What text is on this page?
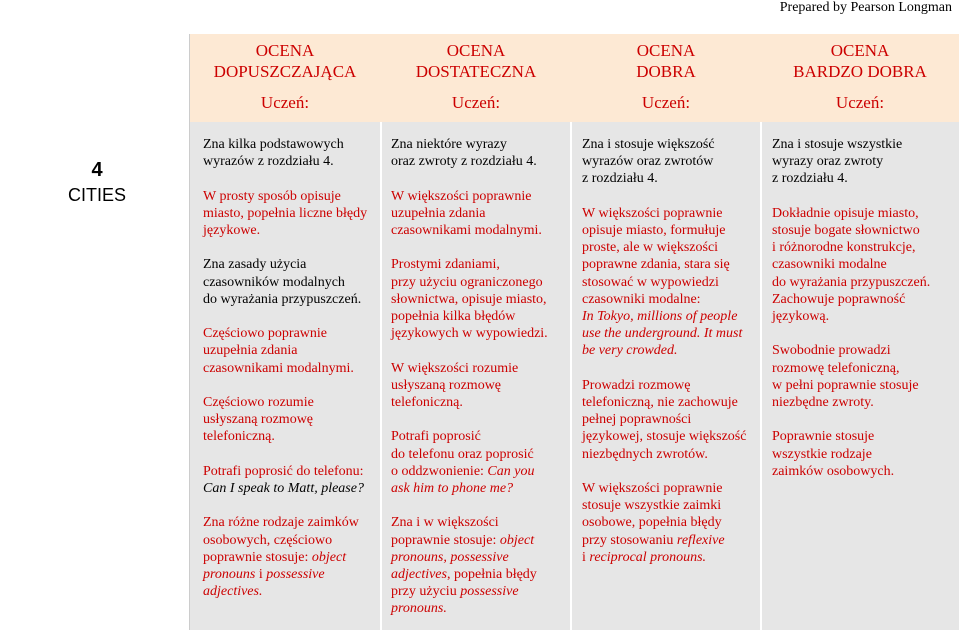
Prepared by Pearson Longman
OCENA
DOPUSZCZAJĄCA
Uczeń:
OCENA
DOSTATECZNA
Uczeń:
OCENA
DOBRA
Uczeń:
OCENA
BARDZO DOBRA
Uczeń:
4
CITIES
Zna kilka podstawowych
wyrazów z rozdziału 4.
W prosty sposób opisuje
miasto, popełnia liczne błędy
językowe.
Zna zasady użycia
czasowników modalnych
do wyrażania przypuszczeń.
Częściowo poprawnie
uzupełnia zdania
czasownikami modalnymi.
Częściowo rozumie
usłyszaną rozmowę
telefoniczną.
Potrafi poprosić do telefonu:
Can I speak to Matt, please?
Zna różne rodzaje zaimków
osobowych, częściowo
poprawnie stosuje: object
pronouns i possessive
adjectives.
Zna niektóre wyrazy
oraz zwroty z rozdziału 4.
W większości poprawnie
uzupełnia zdania
czasownikami modalnymi.
Prostymi zdaniami,
przy użyciu ograniczonego
słownictwa, opisuje miasto,
popełnia kilka błędów
językowych w wypowiedzi.
W większości rozumie
usłyszaną rozmowę
telefoniczną.
Potrafi poprosić
do telefonu oraz poprosić
o oddzwonienie: Can you
ask him to phone me?
Zna i w większości
poprawnie stosuje: object
pronouns, possessive
adjectives, popełnia błędy
przy użyciu possessive
pronouns.
Zna i stosuje większość
wyrazów oraz zwrotów
z rozdziału 4.
W większości poprawnie
opisuje miasto, formułuje
proste, ale w większości
poprawne zdania, stara się
stosować w wypowiedzi
czasowniki modalne:
In Tokyo, millions of people
use the underground. It must
be very crowded.
Prowadzi rozmowę
telefoniczną, nie zachowuje
pełnej poprawności
językowej, stosuje większość
niezbędnych zwrotów.
W większości poprawnie
stosuje wszystkie zaimki
osobowe, popełnia błędy
przy stosowaniu reflexive
i reciprocal pronouns.
Zna i stosuje wszystkie
wyrazy oraz zwroty
z rozdziału 4.
Dokładnie opisuje miasto,
stosuje bogate słownictwo
i różnorodne konstrukcje,
czasowniki modalne
do wyrażania przypuszczeń.
Zachowuje poprawność
językową.
Swobodnie prowadzi
rozmowę telefoniczną,
w pełni poprawnie stosuje
niezbędne zwroty.
Poprawnie stosuje
wszystkie rodzaje
zaimków osobowych.
